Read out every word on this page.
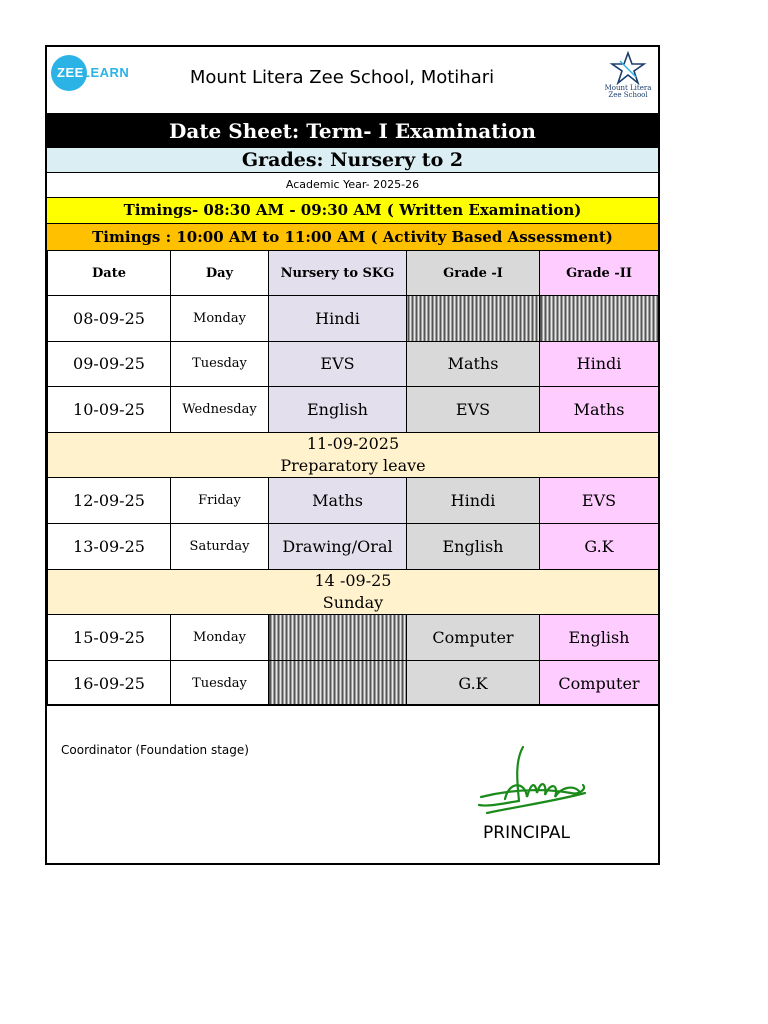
ZEE
LEARN	Mount Litera Zee School, Motihari	Mount Litera
Zee School
Date Sheet: Term- I Examination
Grades: Nursery to 2
Academic Year- 2025-26
Timings- 08:30 AM - 09:30 AM ( Written Examination)
Timings : 10:00 AM to 11:00 AM ( Activity Based Assessment)
Date	Day	Nursery to SKG	Grade -I	Grade -II
08-09-25	Monday	Hindi		
09-09-25	Tuesday	EVS	Maths	Hindi
10-09-25	Wednesday	English	EVS	Maths

11-09-2025
Preparatory leave				

12-09-25	Friday	Maths	Hindi	EVS
13-09-25	Saturday	Drawing/Oral	English	G.K

14 -09-25
Sunday				

15-09-25	Monday		Computer	English
16-09-25	Tuesday		G.K	Computer
Coordinator (Foundation stage)
PRINCIPAL
